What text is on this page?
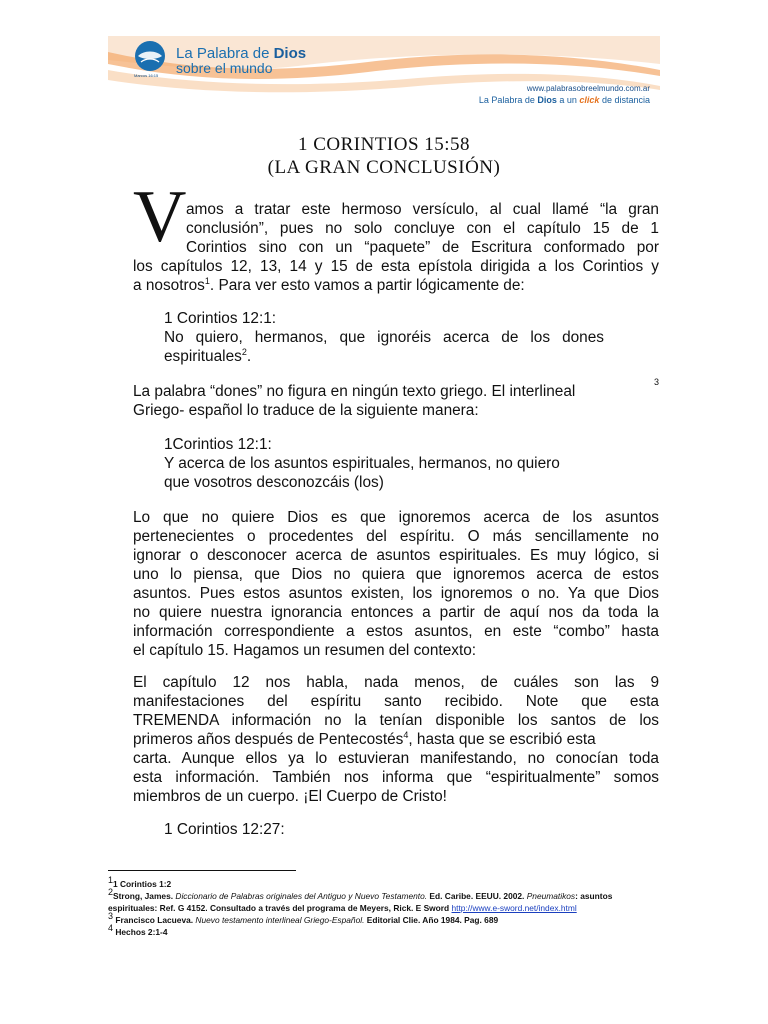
La Palabra de Dios
sobre el mundo
Marcos 16:15
www.palabrasobreelmundo.com.ar
La Palabra de Dios a un click de distancia
1 CORINTIOS 15:58
(LA GRAN CONCLUSIÓN)
V amos a tratar este hermoso versículo, al cual llamé “la gran
conclusión”, pues no solo concluye con el capítulo 15 de 1
Corintios sino con un “paquete” de Escritura conformado por
los capítulos 12, 13, 14 y 15 de esta epístola dirigida a los Corintios y
a nosotros$^1$. Para ver esto vamos a partir lógicamente de:
1 Corintios 12:1:
No quiero, hermanos, que ignoréis acerca de los dones
espirituales$^2$.
La palabra “dones” no figura en ningún texto griego. El interlineal
3
Griego- español lo traduce de la siguiente manera:
1Corintios 12:1:
Y acerca de los asuntos espirituales, hermanos, no quiero
que vosotros desconozcáis (los)
Lo que no quiere Dios es que ignoremos acerca de los asuntos
pertenecientes o procedentes del espíritu. O más sencillamente no
ignorar o desconocer acerca de asuntos espirituales. Es muy lógico, si
uno lo piensa, que Dios no quiera que ignoremos acerca de estos
asuntos. Pues estos asuntos existen, los ignoremos o no. Ya que Dios
no quiere nuestra ignorancia entonces a partir de aquí nos da toda la
información correspondiente a estos asuntos, en este “combo” hasta
el capítulo 15. Hagamos un resumen del contexto:
El capítulo 12 nos habla, nada menos, de cuáles son las 9
manifestaciones del espíritu santo recibido. Note que esta
TREMENDA información no la tenían disponible los santos de los
primeros años después de Pentecostés$^4$, hasta que se escribió esta
carta. Aunque ellos ya lo estuvieran manifestando, no conocían toda
esta información. También nos informa que “espiritualmente” somos
miembros de un cuerpo. ¡El Cuerpo de Cristo!
1 Corintios 12:27:
$^1$1 Corintios 1:2
$^2$Strong, James. Diccionario de Palabras originales del Antiguo y Nuevo Testamento. Ed. Caribe. EEUU. 2002. Pneumatikos: asuntos
espirituales: Ref. G 4152. Consultado a través del programa de Meyers, Rick. E Sword http://www.e-sword.net/index.html
$^3$ Francisco Lacueva. Nuevo testamento interlineal Griego-Español. Editorial Clie. Año 1984. Pag. 689
$^4$ Hechos 2:1-4
